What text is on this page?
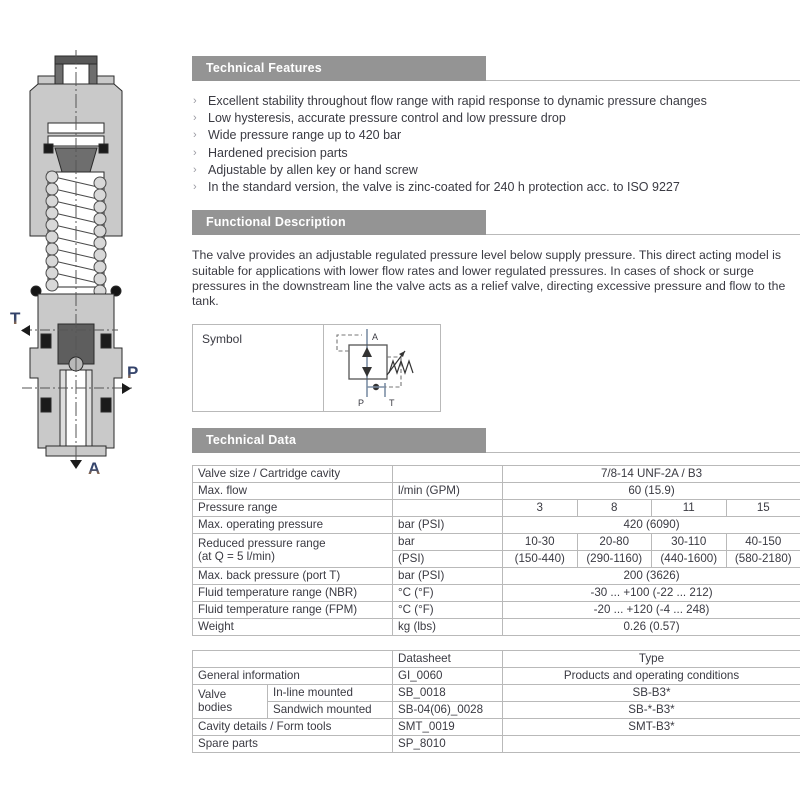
T
P
A
Technical Features
› Excellent stability throughout flow range with rapid response to dynamic pressure changes
› Low hysteresis, accurate pressure control and low pressure drop
› Wide pressure range up to 420 bar
› Hardened precision parts
› Adjustable by allen key or hand screw
› In the standard version, the valve is zinc-coated for 240 h protection acc. to ISO 9227
Functional Description

The valve provides an adjustable regulated pressure level below supply pressure. This direct acting model is suitable for applications with lower flow rates and lower regulated pressures. In cases of shock or surge pressures in the downstream line the valve acts as a relief valve, directing excessive pressure and flow to the tank.

Symbol	A
P	T
Technical Data
Valve size / Cartridge cavity		7/8-14 UNF-2A / B3			
Max. flow	l/min (GPM)	60 (15.9)			
Pressure range		3	8	11	15
Max. operating pressure	bar (PSI)	420 (6090)			

Reduced pressure range
(at Q = 5 l/min)	bar	10-30	20-80	30-110	40-150
	(PSI)	(150-440)	(290-1160)	(440-1600)	(580-2180)
Max. back pressure (port T)	bar (PSI)	200 (3626)			
Fluid temperature range (NBR)	°C (°F)	-30 ... +100 (-22 ... 212)			
Fluid temperature range (FPM)	°C (°F)	-20 ... +120 (-4 ... 248)			
Weight	kg (lbs)	0.26 (0.57)			
		Datasheet	Type
General information		GI_0060	Products and operating conditions
Valve bodies	In-line mounted	SB_0018	SB-B3*
	Sandwich mounted	SB-04(06)_0028	SB-*-B3*
Cavity details / Form tools		SMT_0019	SMT-B3*
Spare parts		SP_8010	
